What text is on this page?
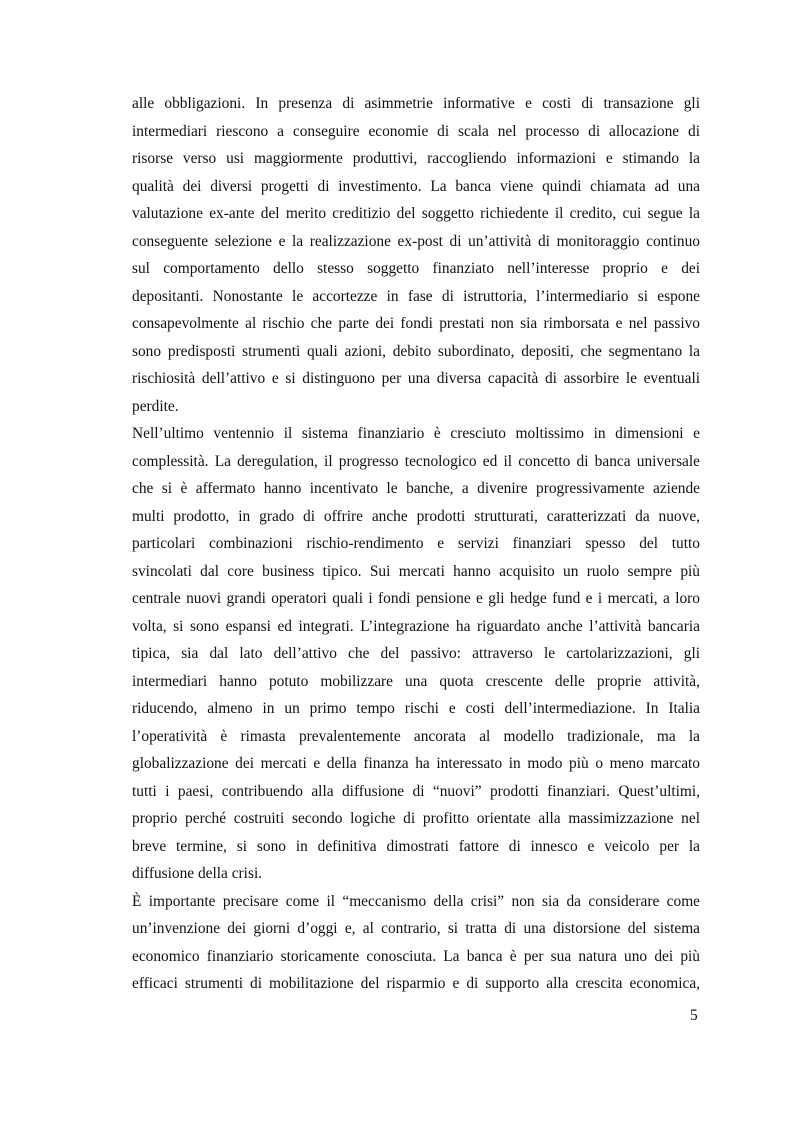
alle obbligazioni. In presenza di asimmetrie informative e costi di transazione gli
intermediari riescono a conseguire economie di scala nel processo di allocazione di
risorse verso usi maggiormente produttivi, raccogliendo informazioni e stimando la
qualità dei diversi progetti di investimento. La banca viene quindi chiamata ad una
valutazione ex-ante del merito creditizio del soggetto richiedente il credito, cui segue la
conseguente selezione e la realizzazione ex-post di un’attività di monitoraggio continuo
sul comportamento dello stesso soggetto finanziato nell’interesse proprio e dei
depositanti. Nonostante le accortezze in fase di istruttoria, l’intermediario si espone
consapevolmente al rischio che parte dei fondi prestati non sia rimborsata e nel passivo
sono predisposti strumenti quali azioni, debito subordinato, depositi, che segmentano la
rischiosità dell’attivo e si distinguono per una diversa capacità di assorbire le eventuali
perdite.
Nell’ultimo ventennio il sistema finanziario è cresciuto moltissimo in dimensioni e
complessità. La deregulation, il progresso tecnologico ed il concetto di banca universale
che si è affermato hanno incentivato le banche, a divenire progressivamente aziende
multi prodotto, in grado di offrire anche prodotti strutturati, caratterizzati da nuove,
particolari combinazioni rischio-rendimento e servizi finanziari spesso del tutto
svincolati dal core business tipico. Sui mercati hanno acquisito un ruolo sempre più
centrale nuovi grandi operatori quali i fondi pensione e gli hedge fund e i mercati, a loro
volta, si sono espansi ed integrati. L’integrazione ha riguardato anche l’attività bancaria
tipica, sia dal lato dell’attivo che del passivo: attraverso le cartolarizzazioni, gli
intermediari hanno potuto mobilizzare una quota crescente delle proprie attività,
riducendo, almeno in un primo tempo rischi e costi dell’intermediazione. In Italia
l’operatività è rimasta prevalentemente ancorata al modello tradizionale, ma la
globalizzazione dei mercati e della finanza ha interessato in modo più o meno marcato
tutti i paesi, contribuendo alla diffusione di “nuovi” prodotti finanziari. Quest’ultimi,
proprio perché costruiti secondo logiche di profitto orientate alla massimizzazione nel
breve termine, si sono in definitiva dimostrati fattore di innesco e veicolo per la
diffusione della crisi.
È importante precisare come il “meccanismo della crisi” non sia da considerare come
un’invenzione dei giorni d’oggi e, al contrario, si tratta di una distorsione del sistema
economico finanziario storicamente conosciuta. La banca è per sua natura uno dei più
efficaci strumenti di mobilitazione del risparmio e di supporto alla crescita economica,
5
